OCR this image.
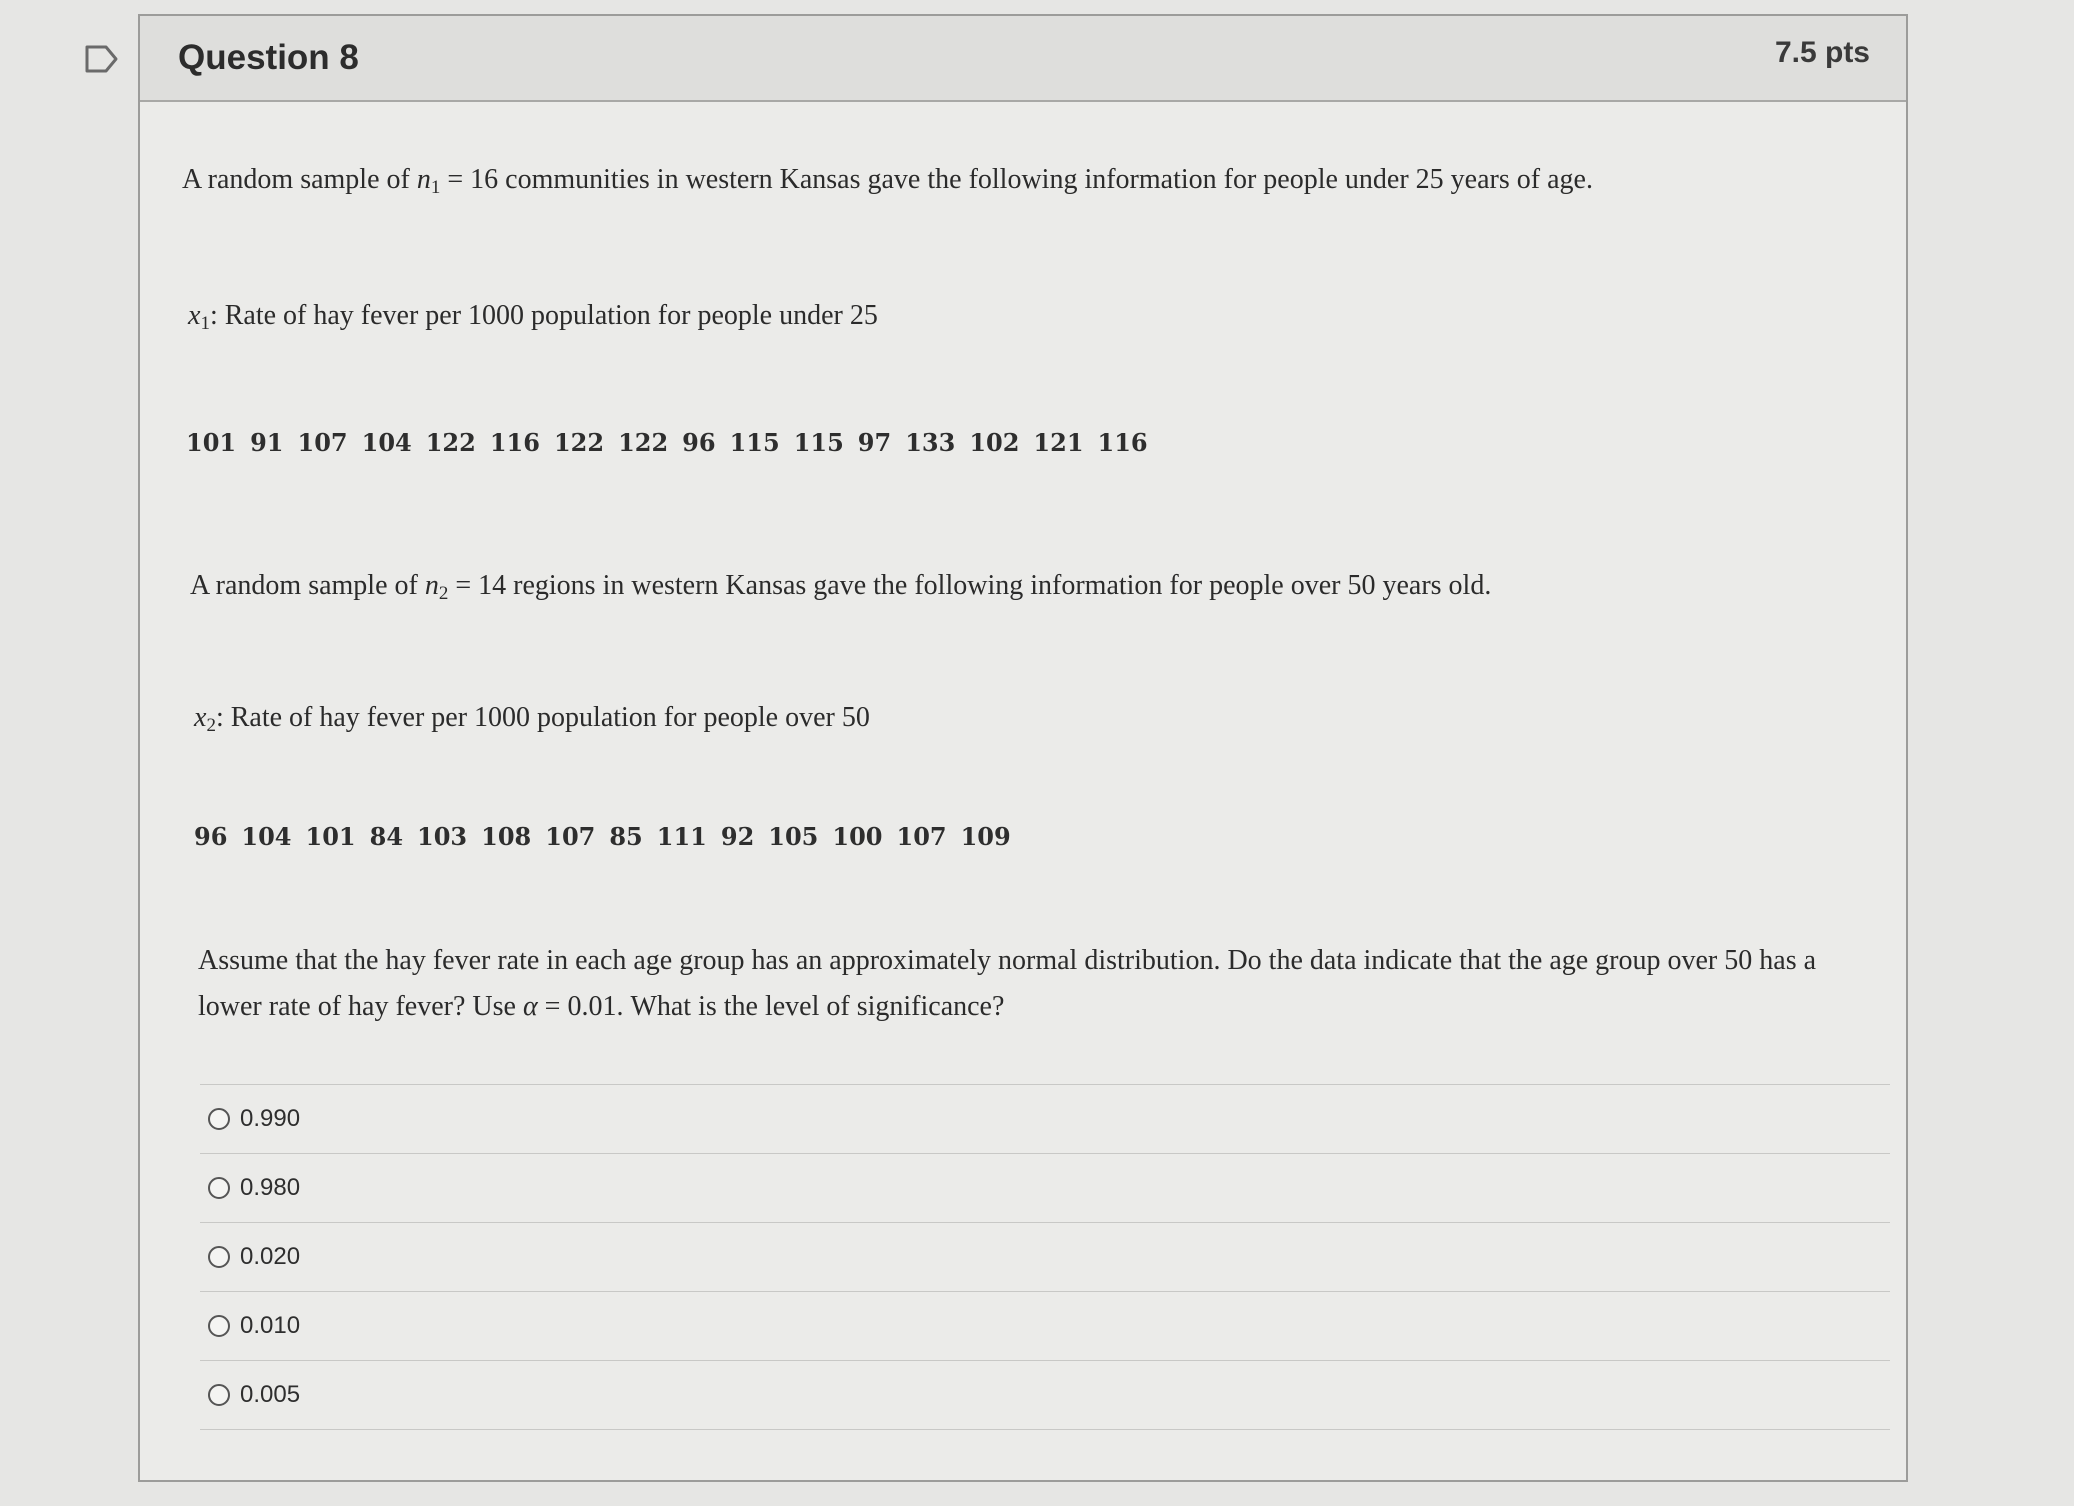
Question 8	7.5 pts
A random sample of $n_1 = 16$ communities in western Kansas gave the following information for people under 25 years of age.
$x_1$: Rate of hay fever per 1000 population for people under 25
101 91 107 104 122 116 122 122 96 115 115 97 133 102 121 116
A random sample of $n_2 = 14$ regions in western Kansas gave the following information for people over 50 years old.
$x_2$: Rate of hay fever per 1000 population for people over 50
96 104 101 84 103 108 107 85 111 92 105 100 107 109
Assume that the hay fever rate in each age group has an approximately normal distribution. Do the data indicate that the age group over 50 has a lower rate of hay fever? Use α = 0.01. What is the level of significance?
0.990
0.980
0.020
0.010
0.005
